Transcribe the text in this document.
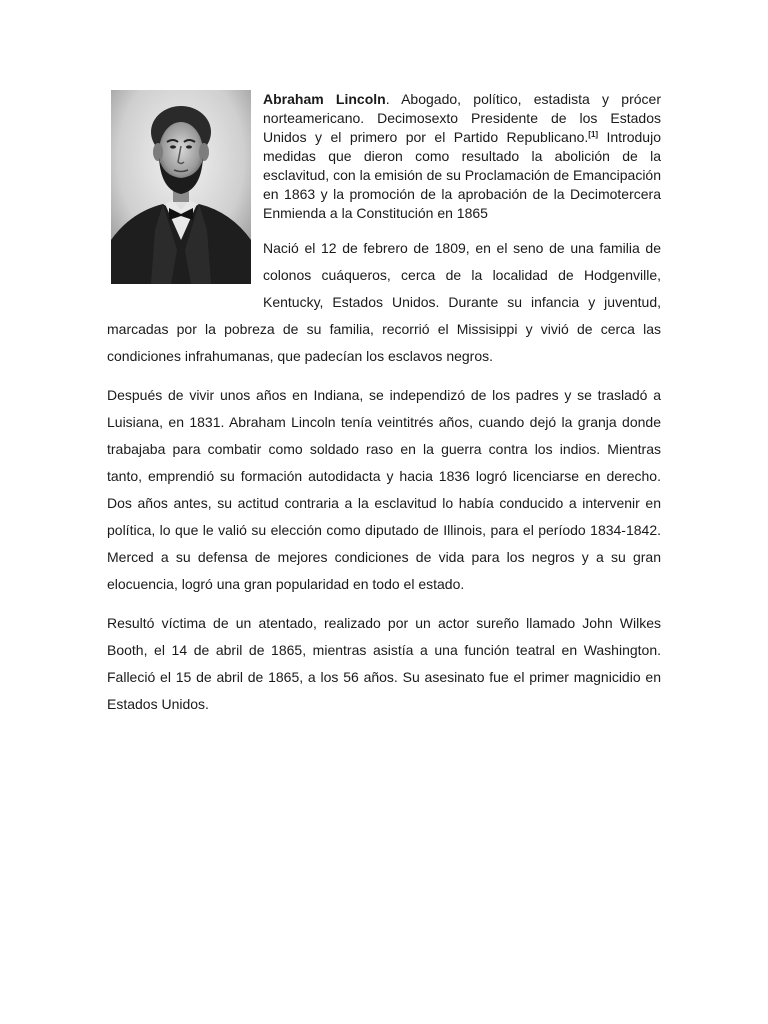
Abraham Lincoln. Abogado, político, estadista y prócer norteamericano. Decimosexto Presidente de los Estados Unidos y el primero por el Partido Republicano.[1] Introdujo medidas que dieron como resultado la abolición de la esclavitud, con la emisión de su Proclamación de Emancipación en 1863 y la promoción de la aprobación de la Decimotercera Enmienda a la Constitución en 1865

Nació el 12 de febrero de 1809, en el seno de una familia de colonos cuáqueros, cerca de la localidad de Hodgenville, Kentucky, Estados Unidos. Durante su infancia y juventud, marcadas por la pobreza de su familia, recorrió el Missisippi y vivió de cerca las condiciones infrahumanas, que padecían los esclavos negros.

Después de vivir unos años en Indiana, se independizó de los padres y se trasladó a Luisiana, en 1831. Abraham Lincoln tenía veintitrés años, cuando dejó la granja donde trabajaba para combatir como soldado raso en la guerra contra los indios. Mientras tanto, emprendió su formación autodidacta y hacia 1836 logró licenciarse en derecho. Dos años antes, su actitud contraria a la esclavitud lo había conducido a intervenir en política, lo que le valió su elección como diputado de Illinois, para el período 1834-1842. Merced a su defensa de mejores condiciones de vida para los negros y a su gran elocuencia, logró una gran popularidad en todo el estado.

Resultó víctima de un atentado, realizado por un actor sureño llamado John Wilkes Booth, el 14 de abril de 1865, mientras asistía a una función teatral en Washington. Falleció el 15 de abril de 1865, a los 56 años. Su asesinato fue el primer magnicidio en Estados Unidos.
